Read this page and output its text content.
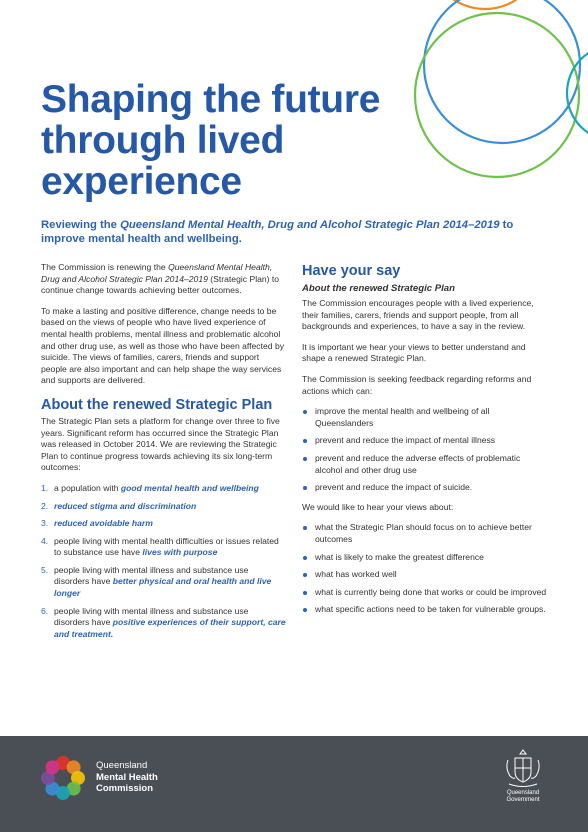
Shaping the future
through lived
experience

Reviewing the Queensland Mental Health, Drug and Alcohol Strategic Plan 2014–2019 to improve mental health and wellbeing.

The Commission is renewing the Queensland Mental Health, Drug and Alcohol Strategic Plan 2014–2019 (Strategic Plan) to continue change towards achieving better outcomes.

To make a lasting and positive difference, change needs to be based on the views of people who have lived experience of mental health problems, mental illness and problematic alcohol and other drug use, as well as those who have been affected by suicide. The views of families, carers, friends and support people are also important and can help shape the way services and supports are delivered.

About the renewed Strategic Plan

The Strategic Plan sets a platform for change over three to five years. Significant reform has occurred since the Strategic Plan was released in October 2014. We are reviewing the Strategic Plan to continue progress towards achieving its six long-term outcomes:

1. a population with good mental health and wellbeing
2. reduced stigma and discrimination
3. reduced avoidable harm
4. people living with mental health difficulties or issues related to substance use have lives with purpose
5. people living with mental illness and substance use disorders have better physical and oral health and live longer
6. people living with mental illness and substance use disorders have positive experiences of their support, care and treatment.
Have your say
About the renewed Strategic Plan

The Commission encourages people with a lived experience, their families, carers, friends and support people, from all backgrounds and experiences, to have a say in the review.

It is important we hear your views to better understand and shape a renewed Strategic Plan.

The Commission is seeking feedback regarding reforms and actions which can:

improve the mental health and wellbeing of all Queenslanders
prevent and reduce the impact of mental illness
prevent and reduce the adverse effects of problematic alcohol and other drug use
prevent and reduce the impact of suicide.

We would like to hear your views about:

what the Strategic Plan should focus on to achieve better outcomes
what is likely to make the greatest difference
what has worked well
what is currently being done that works or could be improved
what specific actions need to be taken for vulnerable groups.
Queensland
Mental Health
Commission	Queensland
Government
